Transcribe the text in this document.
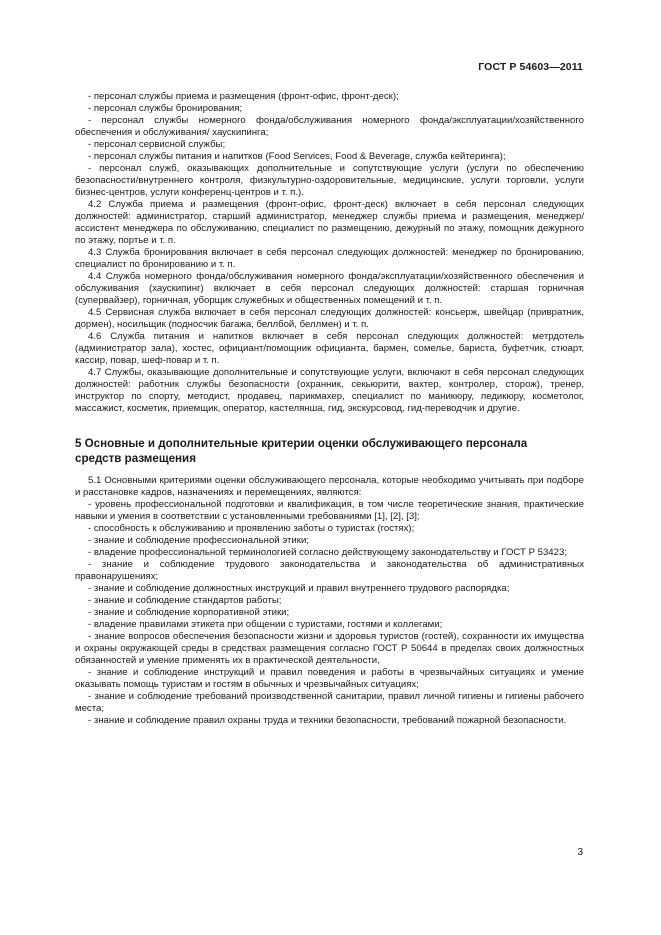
ГОСТ Р 54603—2011

- персонал службы приема и размещения (фронт-офис, фронт-деск);

- персонал службы бронирования;

- персонал службы номерного фонда/обслуживания номерного фонда/эксплуатации/хозяйственного обеспечения и обслуживания/ хаускипинга;

- персонал сервисной службы;

- персонал службы питания и напитков (Food Services, Food & Beverage, служба кейтеринга);

- персонал служб, оказывающих дополнительные и сопутствующие услуги (услуги по обеспечению безопасности/внутреннего контроля, физкультурно-оздоровительные, медицинские, услуги торговли, услуги бизнес-центров, услуги конференц-центров и т. п.).

4.2 Служба приема и размещения (фронт-офис, фронт-деск) включает в себя персонал следующих должностей: администратор, старший администратор, менеджер службы приема и размещения, менеджер/ассистент менеджера по обслуживанию, специалист по размещению, дежурный по этажу, помощник дежурного по этажу, портье и т. п.

4.3 Служба бронирования включает в себя персонал следующих должностей: менеджер по бронированию, специалист по бронированию и т. п.

4.4 Служба номерного фонда/обслуживания номерного фонда/эксплуатации/хозяйственного обеспечения и обслуживания (хаускипинг) включает в себя персонал следующих должностей: старшая горничная (супервайзер), горничная, уборщик служебных и общественных помещений и т. п.

4.5 Сервисная служба включает в себя персонал следующих должностей: консьерж, швейцар (привратник, дормен), носильщик (подносчик багажа, беллбой, беллмен) и т. п.

4.6 Служба питания и напитков включает в себя персонал следующих должностей: метрдотель (администратор зала), хостес, официант/помощник официанта, бармен, сомелье, бариста, буфетчик, стюарт, кассир, повар, шеф-повар и т. п.

4.7 Службы, оказывающие дополнительные и сопутствующие услуги, включают в себя персонал следующих должностей: работник службы безопасности (охранник, секьюрити, вахтер, контролер, сторож), тренер, инструктор по спорту, методист, продавец, парикмахер, специалист по маникюру, педикюру, косметолог, массажист, косметик, приемщик, оператор, кастелянша, гид, экскурсовод, гид-переводчик и другие.

5 Основные и дополнительные критерии оценки обслуживающего персонала средств размещения

5.1 Основными критериями оценки обслуживающего персонала, которые необходимо учитывать при подборе и расстановке кадров, назначениях и перемещениях, являются:

- уровень профессиональной подготовки и квалификация, в том числе теоретические знания, практические навыки и умения в соответствии с установленными требованиями [1], [2], [3];

- способность к обслуживанию и проявлению заботы о туристах (гостях);

- знание и соблюдение профессиональной этики;

- владение профессиональной терминологией согласно действующему законодательству и ГОСТ Р 53423;

- знание и соблюдение трудового законодательства и законодательства об административных правонарушениях;

- знание и соблюдение должностных инструкций и правил внутреннего трудового распорядка;

- знание и соблюдение стандартов работы;

- знание и соблюдение корпоративной этики;

- владение правилами этикета при общении с туристами, гостями и коллегами;

- знание вопросов обеспечения безопасности жизни и здоровья туристов (гостей), сохранности их имущества и охраны окружающей среды в средствах размещения согласно ГОСТ Р 50644 в пределах своих должностных обязанностей и умение применять их в практической деятельности,

- знание и соблюдение инструкций и правил поведения и работы в чрезвычайных ситуациях и умение оказывать помощь туристам и гостям в обычных и чрезвычайных ситуациях;

- знание и соблюдение требований производственной санитарии, правил личной гигиены и гигиены рабочего места;

- знание и соблюдение правил охраны труда и техники безопасности, требований пожарной безопасности.

3
